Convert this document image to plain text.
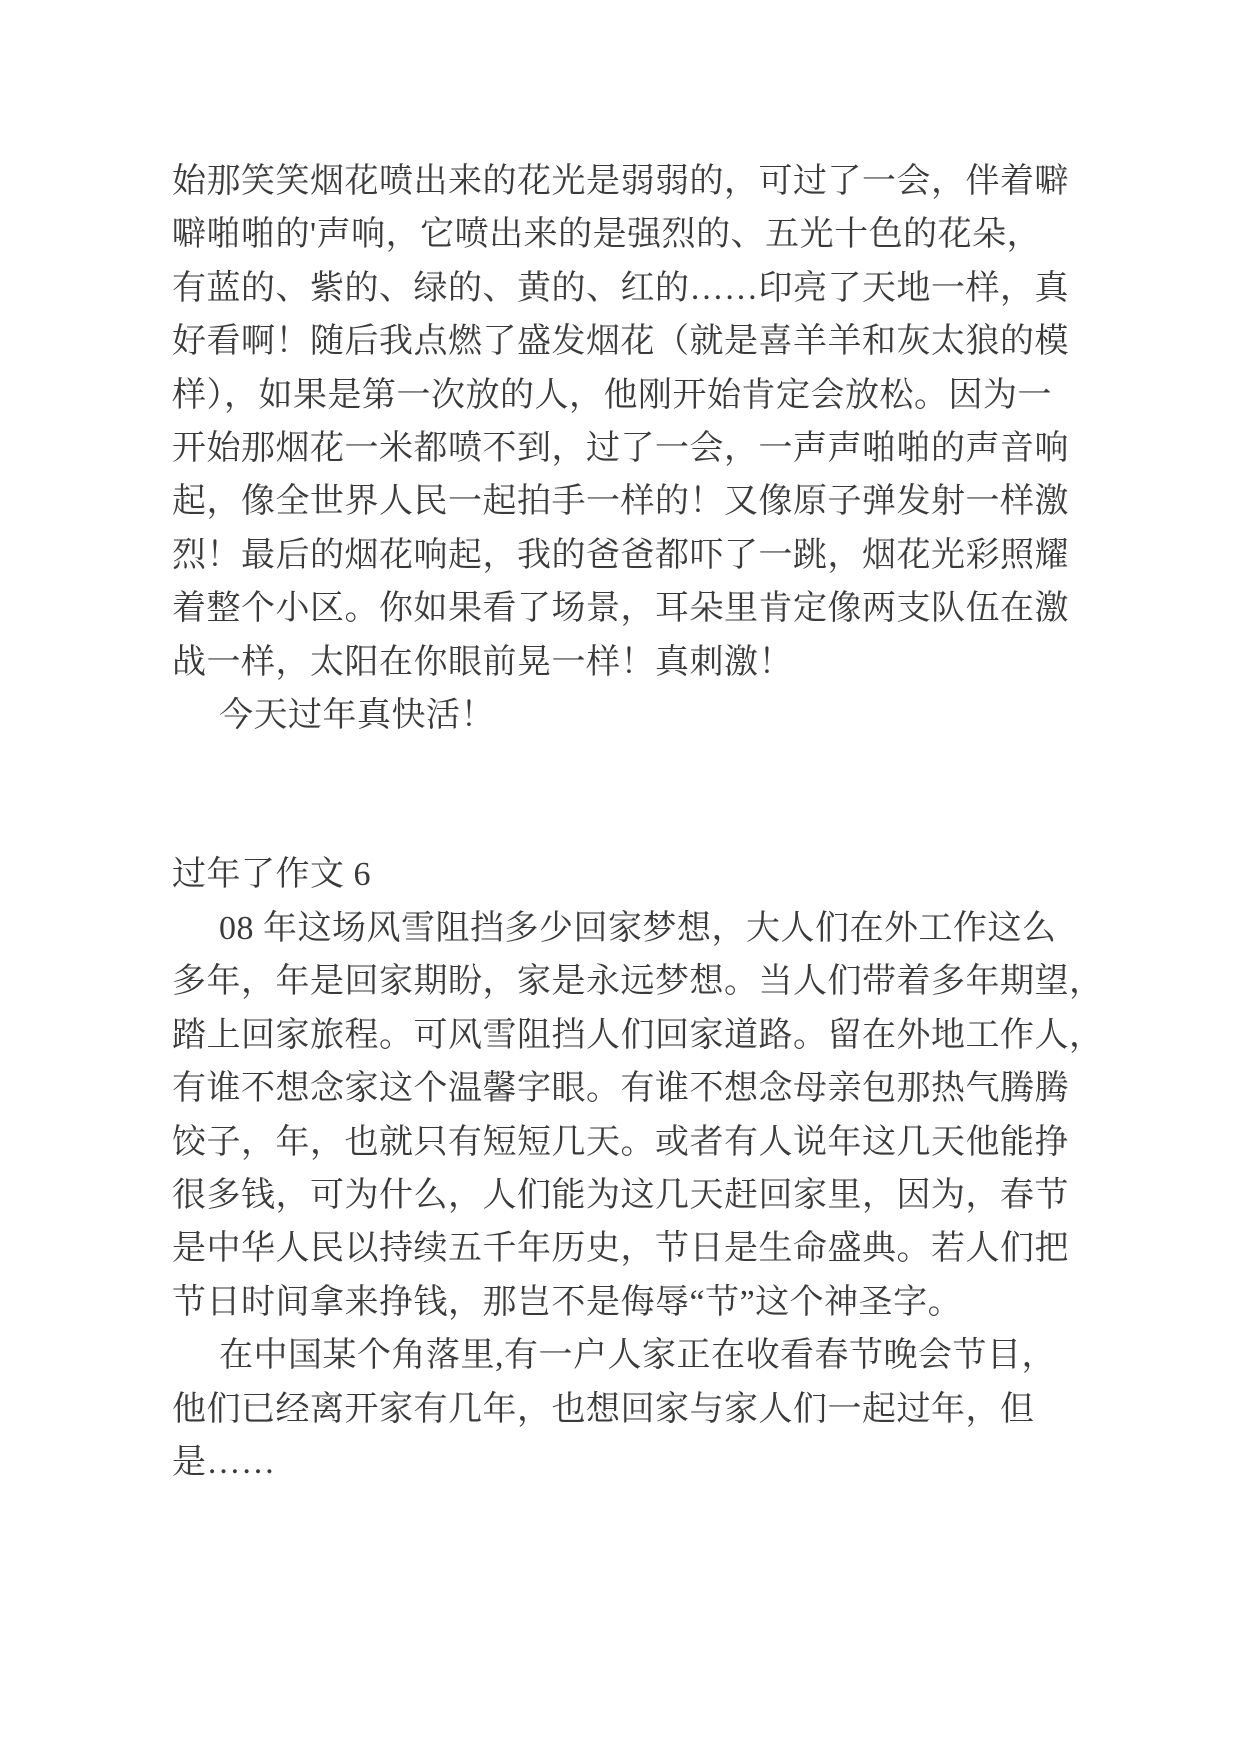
始那笑笑烟花喷出来的花光是弱弱的，可过了一会，伴着噼
噼啪啪的'声响，它喷出来的是强烈的、五光十色的花朵，
有蓝的、紫的、绿的、黄的、红的……印亮了天地一样，真
好看啊！随后我点燃了盛发烟花（就是喜羊羊和灰太狼的模
样），如果是第一次放的人，他刚开始肯定会放松。因为一
开始那烟花一米都喷不到，过了一会，一声声啪啪的声音响
起，像全世界人民一起拍手一样的！又像原子弹发射一样激
烈！最后的烟花响起，我的爸爸都吓了一跳，烟花光彩照耀
着整个小区。你如果看了场景，耳朵里肯定像两支队伍在激
战一样，太阳在你眼前晃一样！真刺激！
今天过年真快活！
过年了作文 6
08 年这场风雪阻挡多少回家梦想，大人们在外工作这么
多年，年是回家期盼，家是永远梦想。当人们带着多年期望，
踏上回家旅程。可风雪阻挡人们回家道路。留在外地工作人，
有谁不想念家这个温馨字眼。有谁不想念母亲包那热气腾腾
饺子，年，也就只有短短几天。或者有人说年这几天他能挣
很多钱，可为什么，人们能为这几天赶回家里，因为，春节
是中华人民以持续五千年历史，节日是生命盛典。若人们把
节日时间拿来挣钱，那岂不是侮辱“节”这个神圣字。
在中国某个角落里,有一户人家正在收看春节晚会节目，
他们已经离开家有几年，也想回家与家人们一起过年，但
是……
